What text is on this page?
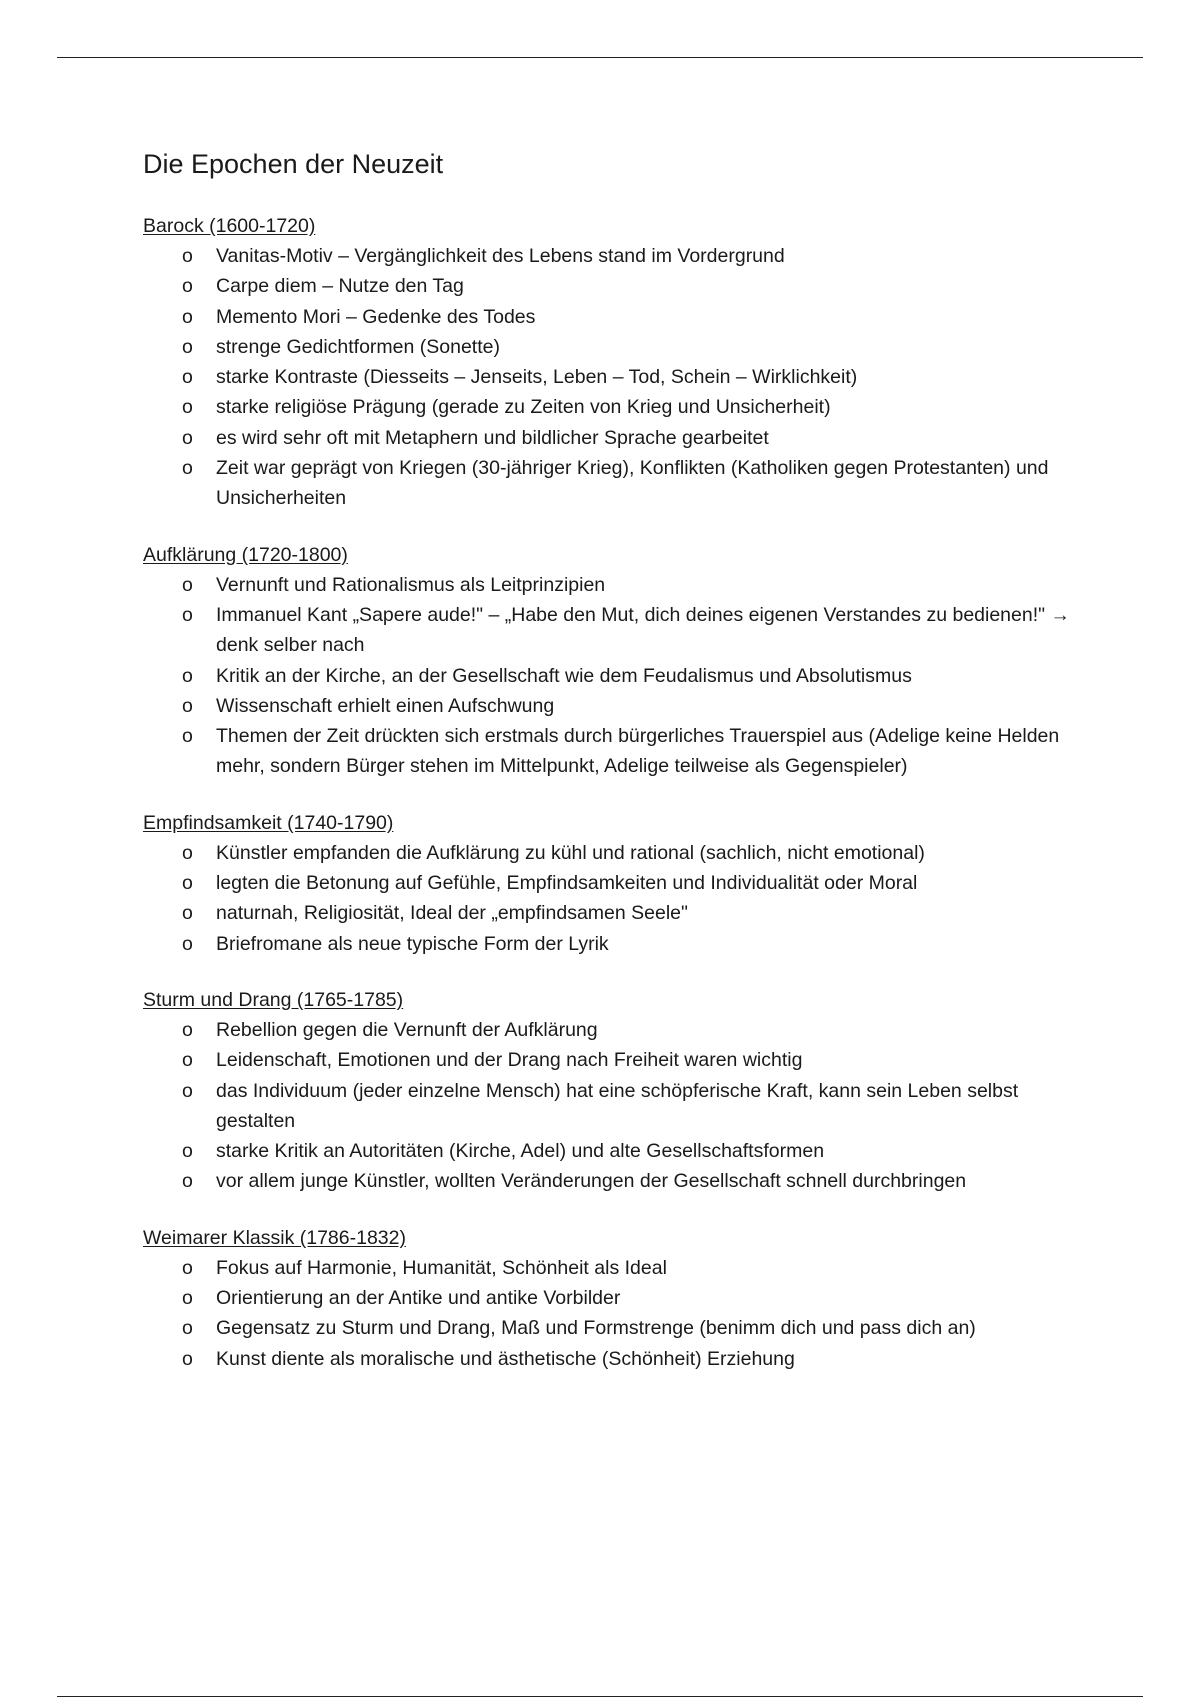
Die Epochen der Neuzeit
Barock (1600-1720)
o	Vanitas-Motiv – Vergänglichkeit des Lebens stand im Vordergrund
o	Carpe diem – Nutze den Tag
o	Memento Mori – Gedenke des Todes
o	strenge Gedichtformen (Sonette)
o	starke Kontraste (Diesseits – Jenseits, Leben – Tod, Schein – Wirklichkeit)
o	starke religiöse Prägung (gerade zu Zeiten von Krieg und Unsicherheit)
o	es wird sehr oft mit Metaphern und bildlicher Sprache gearbeitet
o	Zeit war geprägt von Kriegen (30-jähriger Krieg), Konflikten (Katholiken gegen Protestanten) und Unsicherheiten
Aufklärung (1720-1800)
o	Vernunft und Rationalismus als Leitprinzipien
o	Immanuel Kant „Sapere aude!" – „Habe den Mut, dich deines eigenen Verstandes zu bedienen!" → denk selber nach
o	Kritik an der Kirche, an der Gesellschaft wie dem Feudalismus und Absolutismus
o	Wissenschaft erhielt einen Aufschwung
o	Themen der Zeit drückten sich erstmals durch bürgerliches Trauerspiel aus (Adelige keine Helden mehr, sondern Bürger stehen im Mittelpunkt, Adelige teilweise als Gegenspieler)
Empfindsamkeit (1740-1790)
o	Künstler empfanden die Aufklärung zu kühl und rational (sachlich, nicht emotional)
o	legten die Betonung auf Gefühle, Empfindsamkeiten und Individualität oder Moral
o	naturnah, Religiosität, Ideal der „empfindsamen Seele"
o	Briefromane als neue typische Form der Lyrik
Sturm und Drang (1765-1785)
o	Rebellion gegen die Vernunft der Aufklärung
o	Leidenschaft, Emotionen und der Drang nach Freiheit waren wichtig
o	das Individuum (jeder einzelne Mensch) hat eine schöpferische Kraft, kann sein Leben selbst gestalten
o	starke Kritik an Autoritäten (Kirche, Adel) und alte Gesellschaftsformen
o	vor allem junge Künstler, wollten Veränderungen der Gesellschaft schnell durchbringen
Weimarer Klassik (1786-1832)
o	Fokus auf Harmonie, Humanität, Schönheit als Ideal
o	Orientierung an der Antike und antike Vorbilder
o	Gegensatz zu Sturm und Drang, Maß und Formstrenge (benimm dich und pass dich an)
o	Kunst diente als moralische und ästhetische (Schönheit) Erziehung
